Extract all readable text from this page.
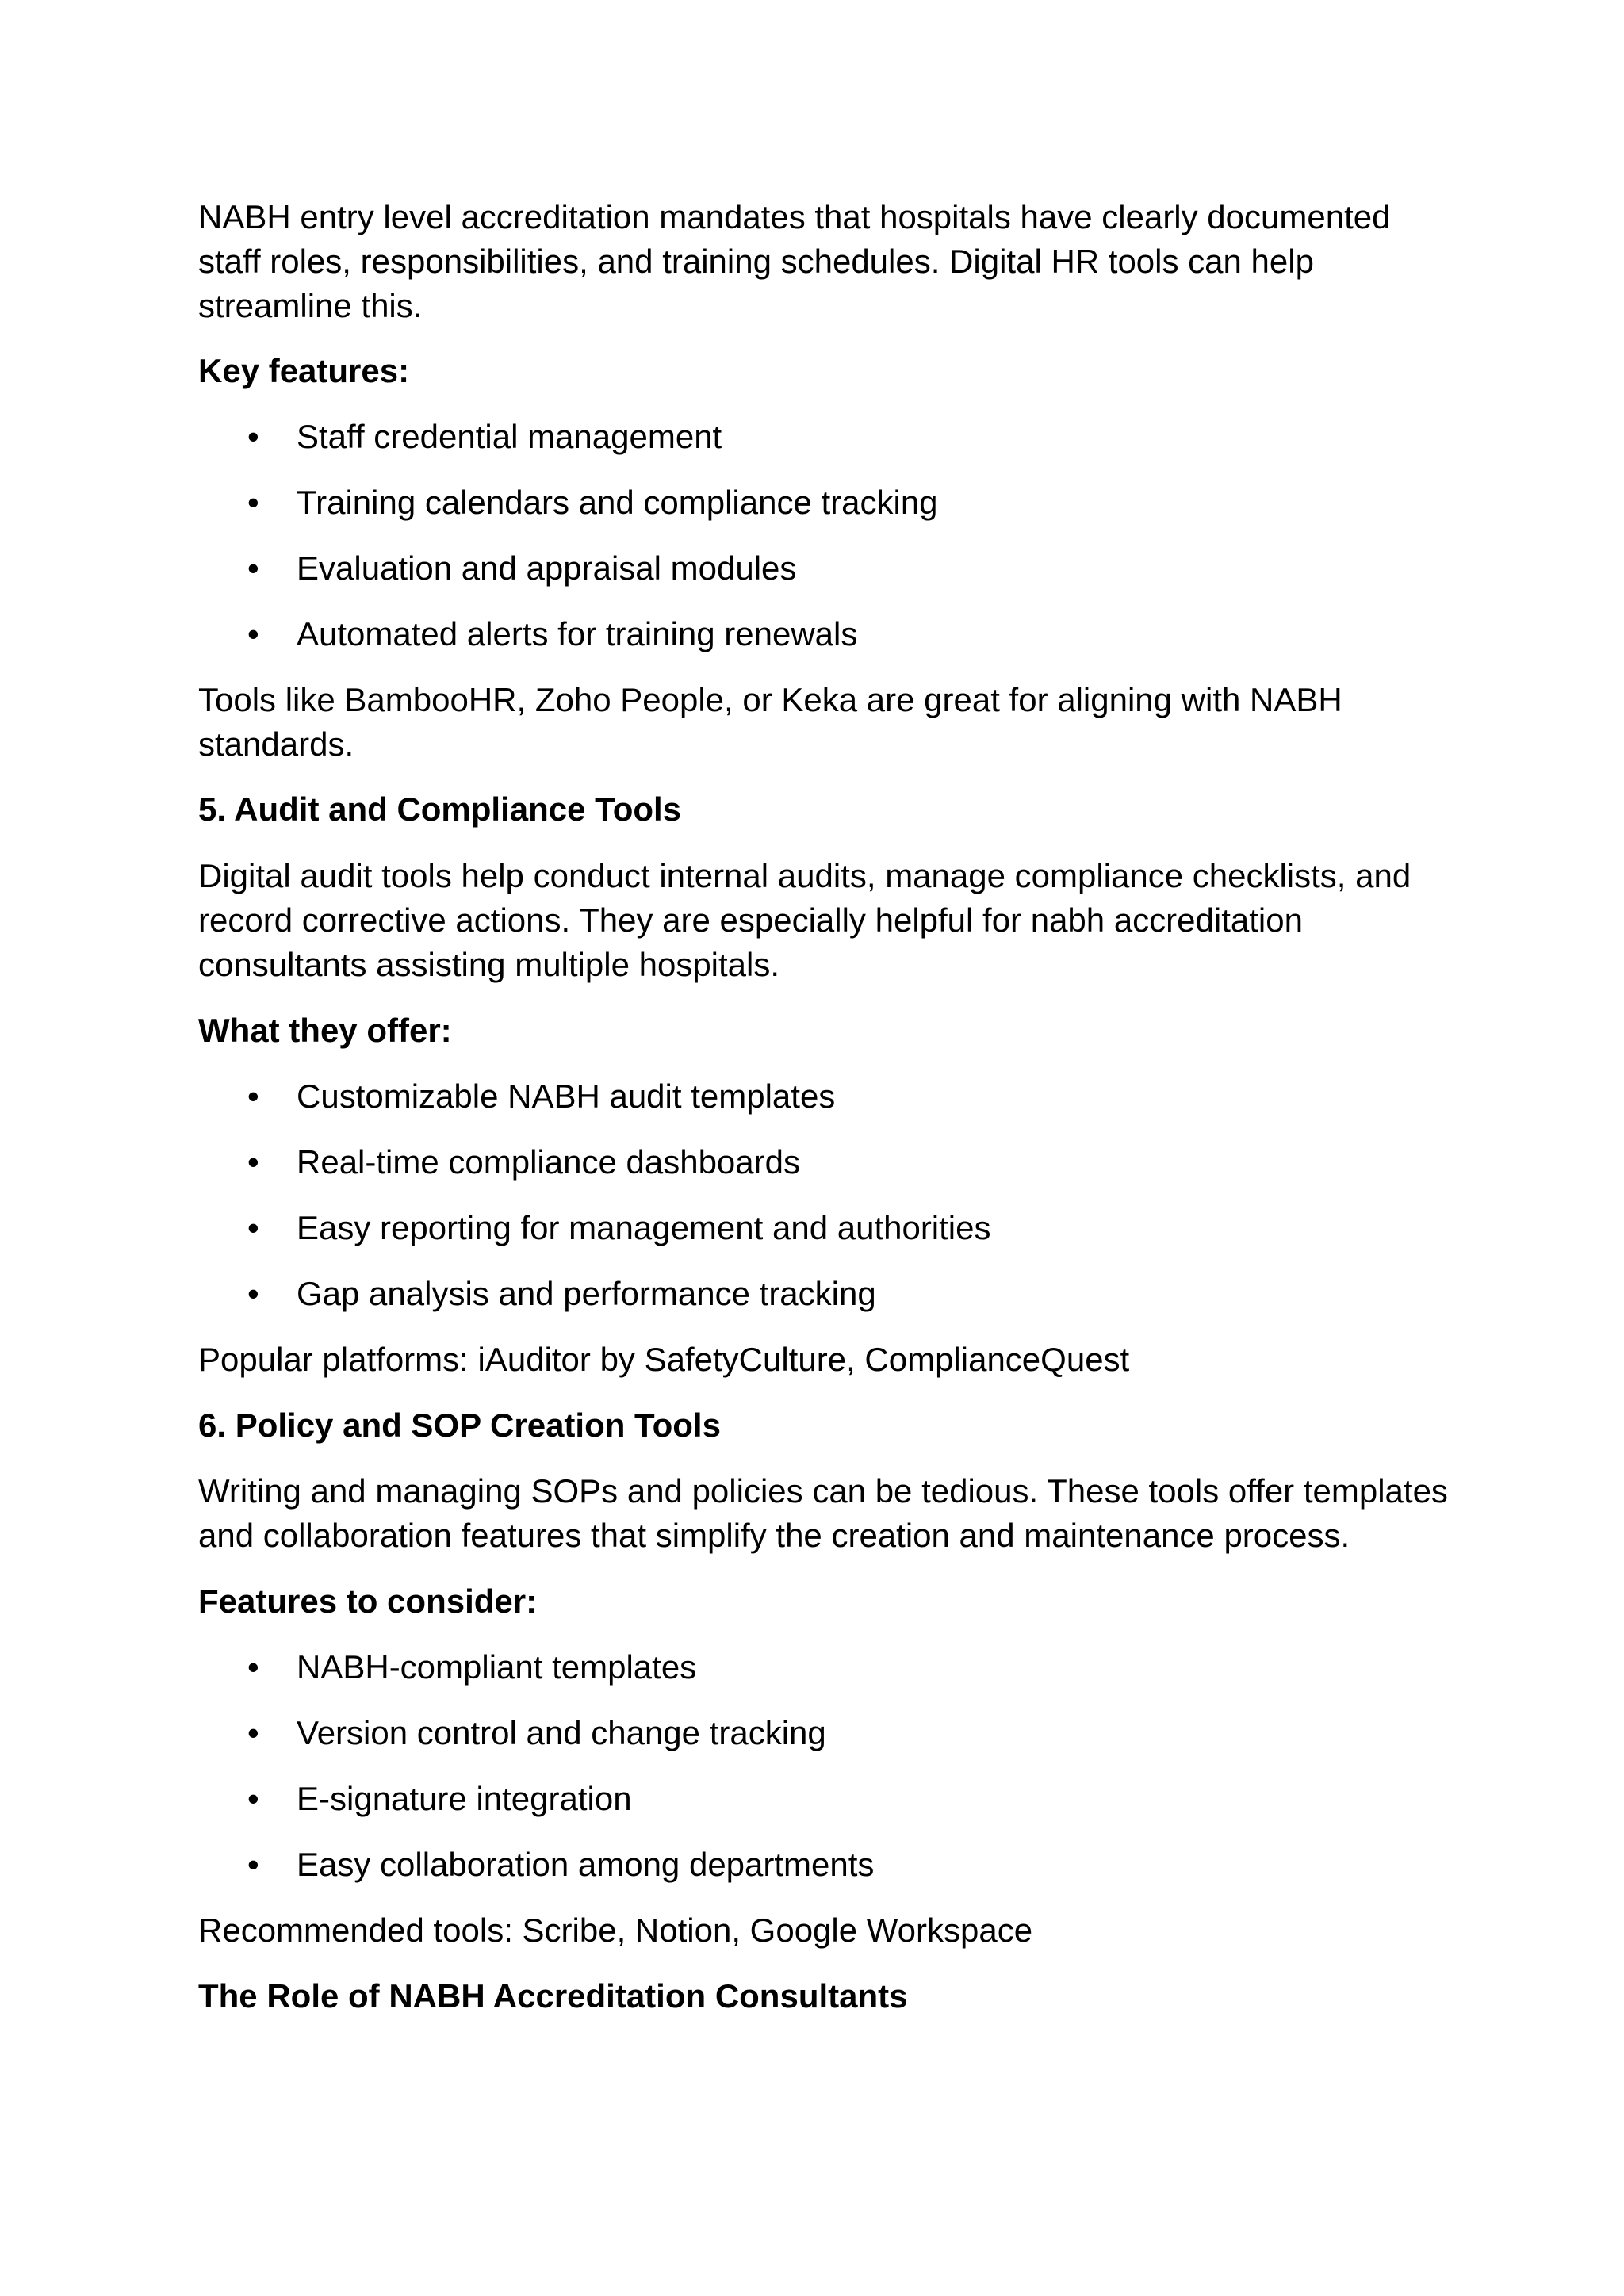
NABH entry level accreditation mandates that hospitals have clearly documented

staff roles, responsibilities, and training schedules. Digital HR tools can help

streamline this.

Key features:

• Staff credential management
• Training calendars and compliance tracking
• Evaluation and appraisal modules
• Automated alerts for training renewals

Tools like BambooHR, Zoho People, or Keka are great for aligning with NABH

standards.

5. Audit and Compliance Tools

Digital audit tools help conduct internal audits, manage compliance checklists, and

record corrective actions. They are especially helpful for nabh accreditation

consultants assisting multiple hospitals.

What they offer:

• Customizable NABH audit templates
• Real-time compliance dashboards
• Easy reporting for management and authorities
• Gap analysis and performance tracking

Popular platforms: iAuditor by SafetyCulture, ComplianceQuest

6. Policy and SOP Creation Tools

Writing and managing SOPs and policies can be tedious. These tools offer templates

and collaboration features that simplify the creation and maintenance process.

Features to consider:

• NABH-compliant templates
• Version control and change tracking
• E-signature integration
• Easy collaboration among departments

Recommended tools: Scribe, Notion, Google Workspace

The Role of NABH Accreditation Consultants
